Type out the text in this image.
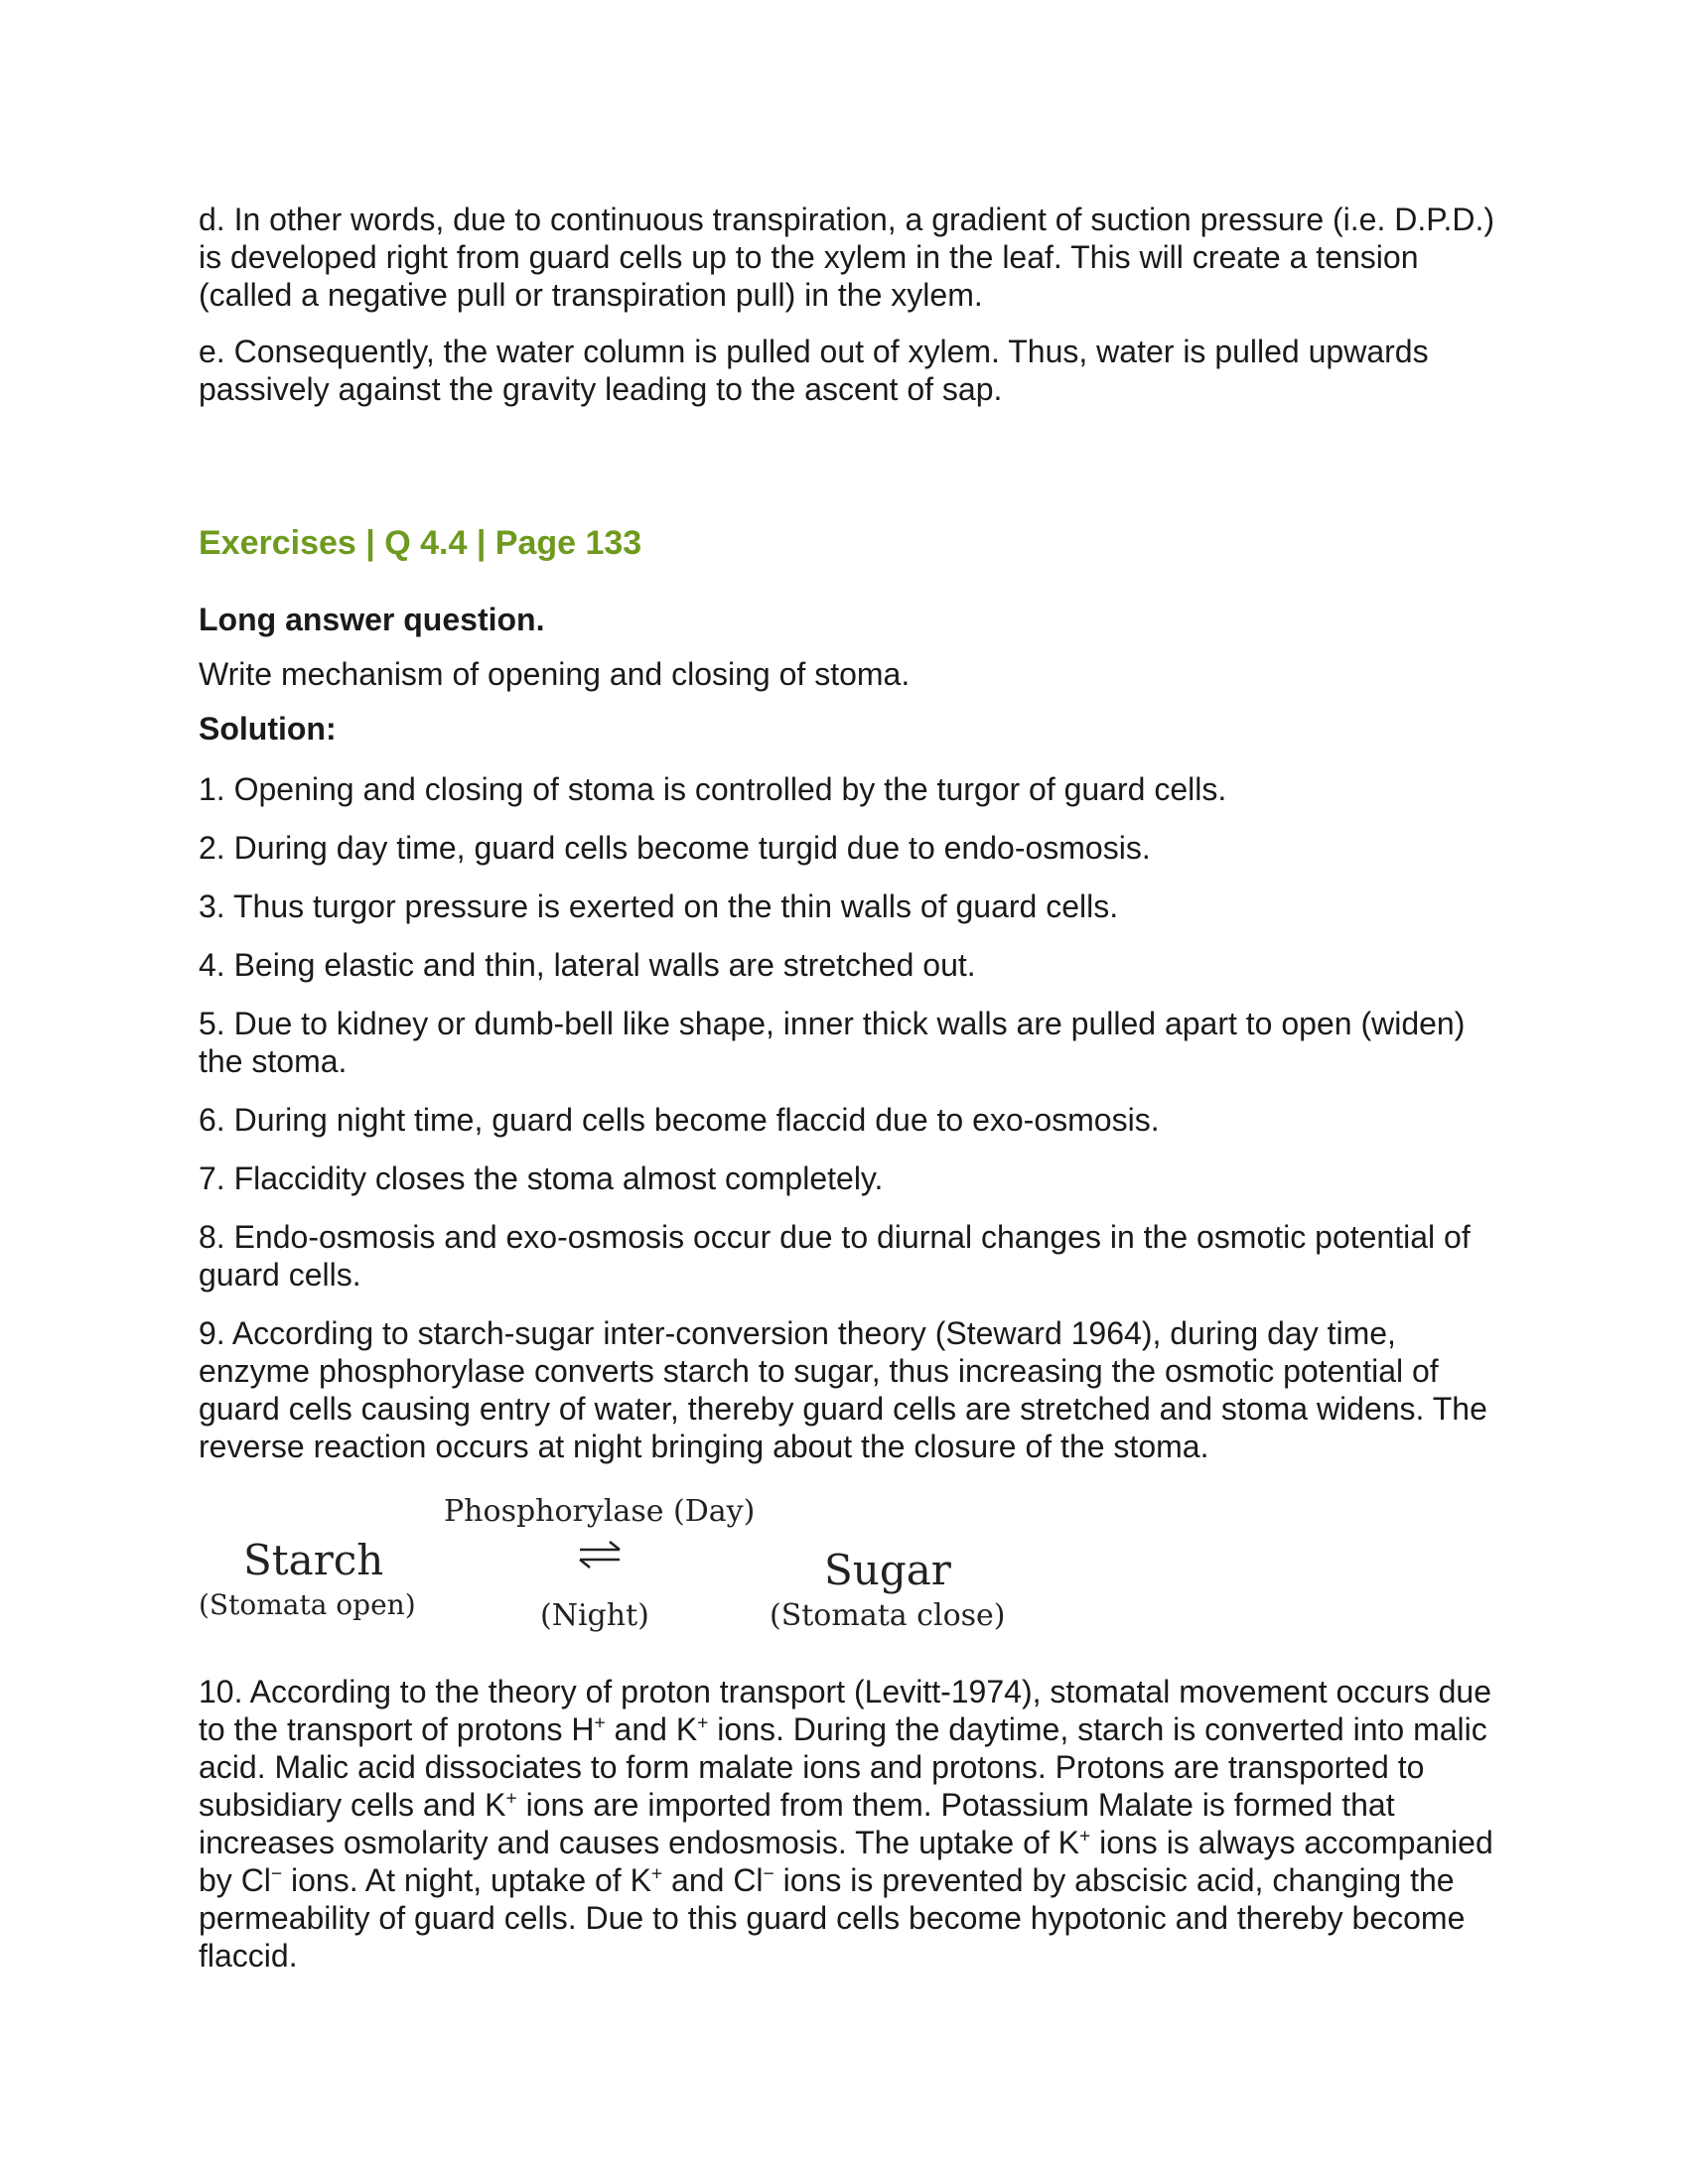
d. In other words, due to continuous transpiration, a gradient of suction pressure (i.e. D.P.D.) is developed right from guard cells up to the xylem in the leaf. This will create a tension (called a negative pull or transpiration pull) in the xylem.

e. Consequently, the water column is pulled out of xylem. Thus, water is pulled upwards passively against the gravity leading to the ascent of sap.

Exercises | Q 4.4 | Page 133
Long answer question.

Write mechanism of opening and closing of stoma.

Solution:

1. Opening and closing of stoma is controlled by the turgor of guard cells.

2. During day time, guard cells become turgid due to endo-osmosis.

3. Thus turgor pressure is exerted on the thin walls of guard cells.

4. Being elastic and thin, lateral walls are stretched out.

5. Due to kidney or dumb-bell like shape, inner thick walls are pulled apart to open (widen) the stoma.

6. During night time, guard cells become flaccid due to exo-osmosis.

7. Flaccidity closes the stoma almost completely.

8. Endo-osmosis and exo-osmosis occur due to diurnal changes in the osmotic potential of guard cells.

9. According to starch-sugar inter-conversion theory (Steward 1964), during day time, enzyme phosphorylase converts starch to sugar, thus increasing the osmotic potential of guard cells causing entry of water, thereby guard cells are stretched and stoma widens. The reverse reaction occurs at night bringing about the closure of the stoma.

Phosphorylase (Day)
Starch
(Stomata open)	(Night)
Sugar
(Stomata close)

10. According to the theory of proton transport (Levitt-1974), stomatal movement occurs due to the transport of protons H+ and K+ ions. During the daytime, starch is converted into malic acid. Malic acid dissociates to form malate ions and protons. Protons are transported to subsidiary cells and K+ ions are imported from them. Potassium Malate is formed that increases osmolarity and causes endosmosis. The uptake of K+ ions is always accompanied by Cl− ions. At night, uptake of K+ and Cl− ions is prevented by abscisic acid, changing the permeability of guard cells. Due to this guard cells become hypotonic and thereby become flaccid.
